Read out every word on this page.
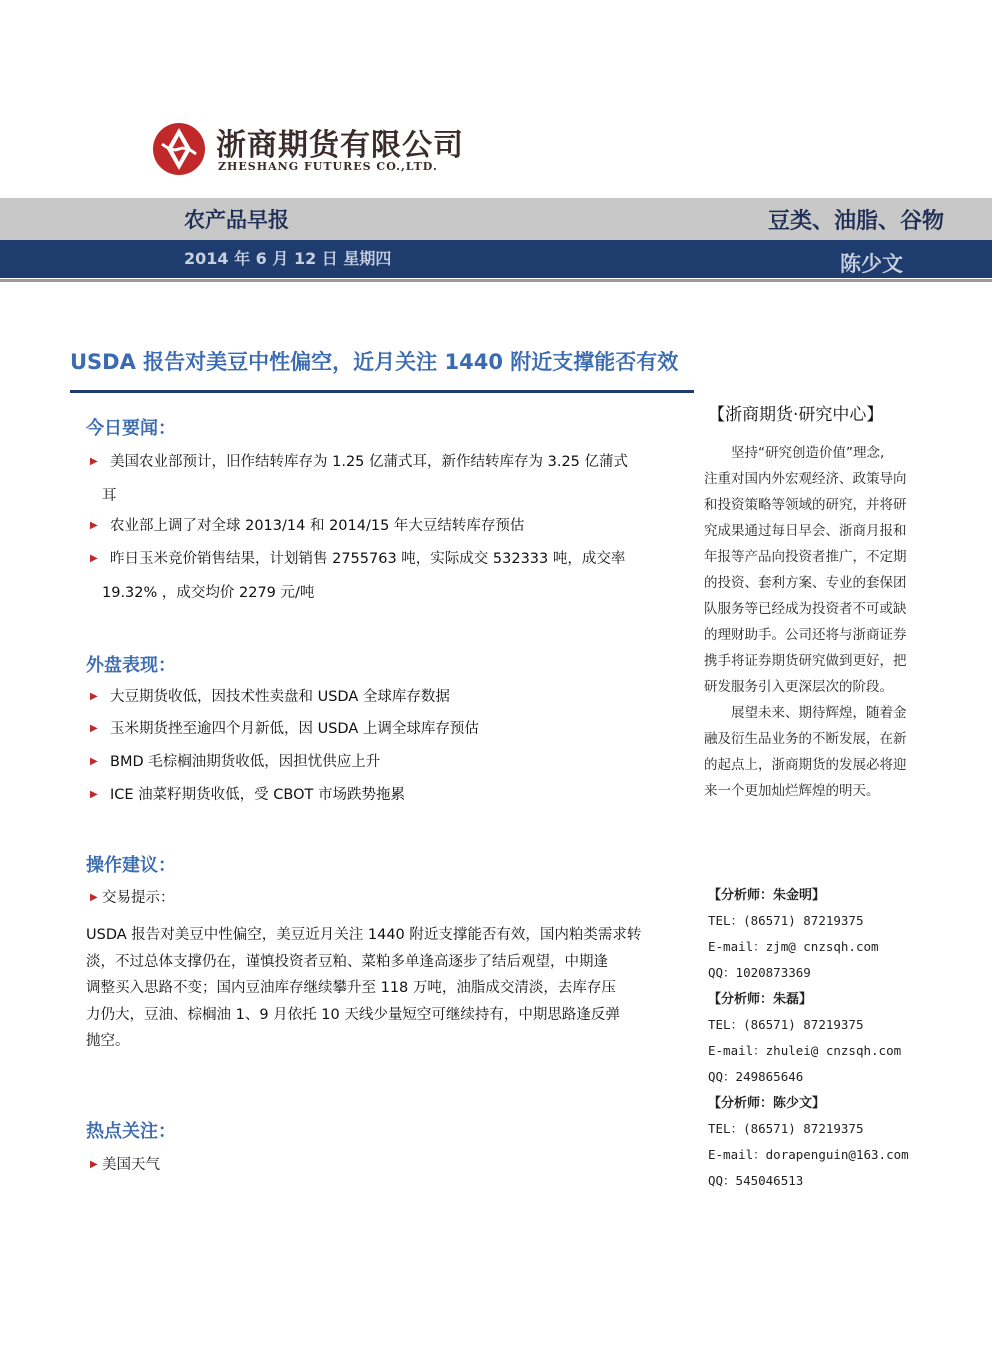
浙商期货有限公司
ZHESHANG FUTURES CO.,LTD.
农产品早报	豆类、油脂、谷物
2014 年 6 月 12 日 星期四	陈少文
USDA 报告对美豆中性偏空，近月关注 1440 附近支撑能否有效
今日要闻：
▶ 美国农业部预计，旧作结转库存为 1.25 亿蒲式耳，新作结转库存为 3.25 亿蒲式
耳
▶ 农业部上调了对全球 2013/14 和 2014/15 年大豆结转库存预估
▶ 昨日玉米竞价销售结果，计划销售 2755763 吨，实际成交 532333 吨，成交率
19.32% ，成交均价 2279 元/吨
外盘表现：
▶ 大豆期货收低，因技术性卖盘和 USDA 全球库存数据
▶ 玉米期货挫至逾四个月新低，因 USDA 上调全球库存预估
▶ BMD 毛棕榈油期货收低，因担忧供应上升
▶ ICE 油菜籽期货收低，受 CBOT 市场跌势拖累
操作建议：
▶ 交易提示：
USDA 报告对美豆中性偏空，美豆近月关注 1440 附近支撑能否有效，国内粕类需求转
淡，不过总体支撑仍在，谨慎投资者豆粕、菜粕多单逢高逐步了结后观望，中期逢
调整买入思路不变；国内豆油库存继续攀升至 118 万吨，油脂成交清淡，去库存压
力仍大，豆油、棕榈油 1、9 月依托 10 天线少量短空可继续持有，中期思路逢反弹
抛空。
热点关注：
▶ 美国天气
【浙商期货·研究中心】
　　坚持“研究创造价值”理念,
注重对国内外宏观经济、政策导向
和投资策略等领域的研究，并将研
究成果通过每日早会、浙商月报和
年报等产品向投资者推广，不定期
的投资、套利方案、专业的套保团
队服务等已经成为投资者不可或缺
的理财助手。公司还将与浙商证券
携手将证券期货研究做到更好，把
研发服务引入更深层次的阶段。
　　展望未来、期待辉煌，随着金
融及衍生品业务的不断发展，在新
的起点上，浙商期货的发展必将迎
来一个更加灿烂辉煌的明天。
【分析师：朱金明】
TEL：(86571) 87219375
E-mail：zjm@ cnzsqh.com
QQ：1020873369
【分析师：朱磊】
TEL：(86571) 87219375
E-mail：zhulei@ cnzsqh.com
QQ：249865646
【分析师：陈少文】
TEL：(86571) 87219375
E-mail：dorapenguin@163.com
QQ：545046513
